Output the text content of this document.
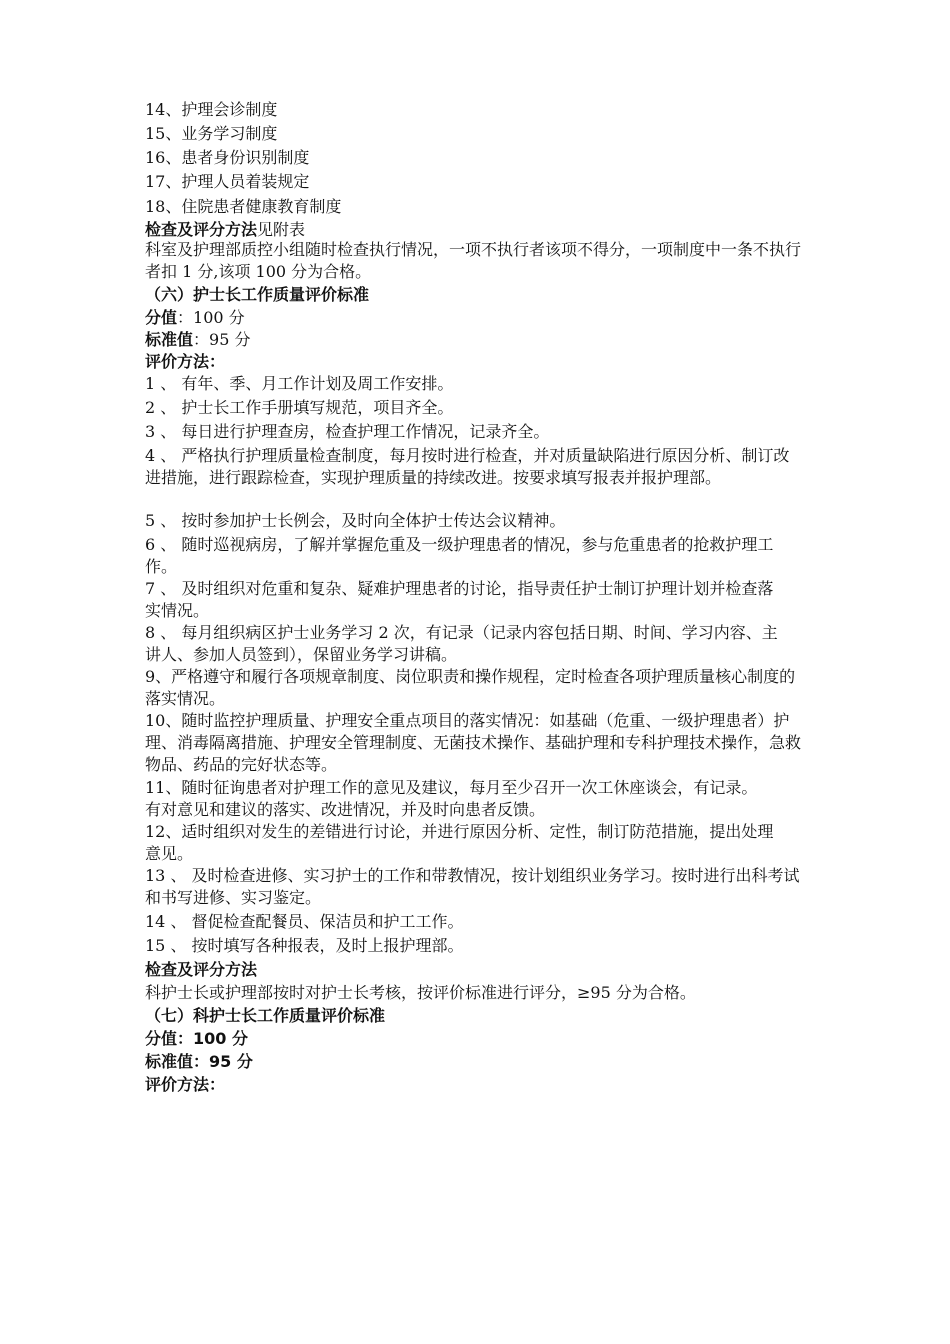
14、护理会诊制度
15、业务学习制度
16、患者身份识别制度
17、护理人员着装规定
18、住院患者健康教育制度
检查及评分方法见附表
科室及护理部质控小组随时检查执行情况，一项不执行者该项不得分，一项制度中一条不执行者扣 1 分,该项 100 分为合格。
（六）护士长工作质量评价标准
分值：100 分
标准值：95 分
评价方法：
1 、 有年、季、月工作计划及周工作安排。
2 、 护士长工作手册填写规范，项目齐全。
3 、 每日进行护理查房，检查护理工作情况，记录齐全。
4 、 严格执行护理质量检查制度，每月按时进行检查，并对质量缺陷进行原因分析、制订改进措施，进行跟踪检查，实现护理质量的持续改进。按要求填写报表并报护理部。
5 、 按时参加护士长例会，及时向全体护士传达会议精神。
6 、 随时巡视病房，了解并掌握危重及一级护理患者的情况，参与危重患者的抢救护理工作。
7 、 及时组织对危重和复杂、疑难护理患者的讨论，指导责任护士制订护理计划并检查落实情况。
8 、 每月组织病区护士业务学习 2 次，有记录（记录内容包括日期、时间、学习内容、主讲人、参加人员签到），保留业务学习讲稿。
9、严格遵守和履行各项规章制度、岗位职责和操作规程，定时检查各项护理质量核心制度的落实情况。
10、随时监控护理质量、护理安全重点项目的落实情况：如基础（危重、一级护理患者）护理、消毒隔离措施、护理安全管理制度、无菌技术操作、基础护理和专科护理技术操作，急救物品、药品的完好状态等。
11、随时征询患者对护理工作的意见及建议，每月至少召开一次工休座谈会，有记录。有对意见和建议的落实、改进情况，并及时向患者反馈。
12、适时组织对发生的差错进行讨论，并进行原因分析、定性，制订防范措施，提出处理意见。
13 、 及时检查进修、实习护士的工作和带教情况，按计划组织业务学习。按时进行出科考试和书写进修、实习鉴定。
14 、 督促检查配餐员、保洁员和护工工作。
15 、 按时填写各种报表，及时上报护理部。
检查及评分方法
科护士长或护理部按时对护士长考核，按评价标准进行评分，≥95 分为合格。
（七）科护士长工作质量评价标准
分值：100 分
标准值：95 分
评价方法：
